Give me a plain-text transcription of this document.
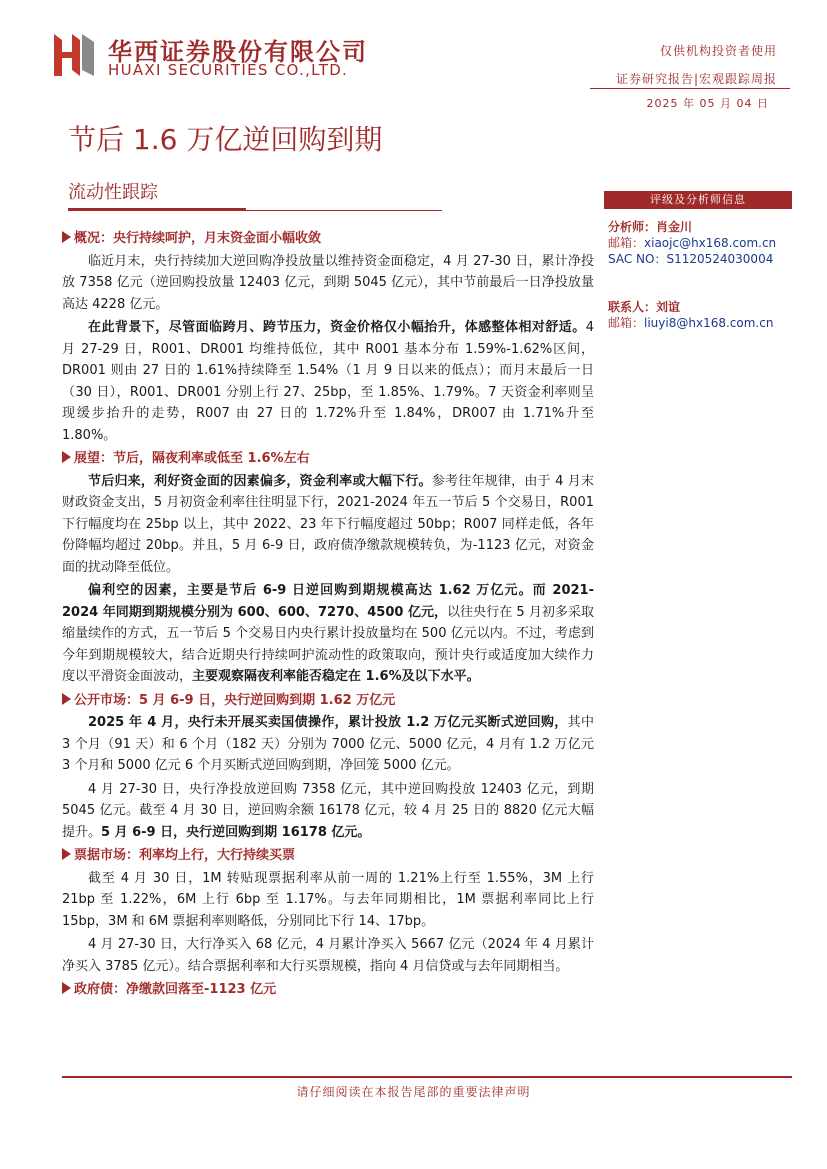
华西证券股份有限公司
HUAXI SECURITIES CO.,LTD.
仅供机构投资者使用
证券研究报告|宏观跟踪周报
2025 年 05 月 04 日
节后 1.6 万亿逆回购到期
流动性跟踪	评级及分析师信息
分析师：肖金川
邮箱：xiaojc@hx168.com.cn
SAC NO：S1120524030004
联系人：刘谊
邮箱：liuyi8@hx168.com.cn
概况：央行持续呵护，月末资金面小幅收敛

临近月末，央行持续加大逆回购净投放量以维持资金面稳定，4 月 27-30 日，累计净投放 7358 亿元（逆回购投放量 12403 亿元，到期 5045 亿元），其中节前最后一日净投放量高达 4228 亿元。

在此背景下，尽管面临跨月、跨节压力，资金价格仅小幅抬升，体感整体相对舒适。4 月 27-29 日，R001、DR001 均维持低位，其中 R001 基本分布 1.59%-1.62%区间，DR001 则由 27 日的 1.61%持续降至 1.54%（1 月 9 日以来的低点）；而月末最后一日（30 日），R001、DR001 分别上行 27、25bp，至 1.85%、1.79%。7 天资金利率则呈现缓步抬升的走势，R007 由 27 日的 1.72%升至 1.84%，DR007 由 1.71%升至 1.80%。

展望：节后，隔夜利率或低至 1.6%左右

节后归来，利好资金面的因素偏多，资金利率或大幅下行。参考往年规律，由于 4 月末财政资金支出，5 月初资金利率往往明显下行，2021-2024 年五一节后 5 个交易日，R001 下行幅度均在 25bp 以上，其中 2022、23 年下行幅度超过 50bp；R007 同样走低，各年份降幅均超过 20bp。并且，5 月 6-9 日，政府债净缴款规模转负，为-1123 亿元，对资金面的扰动降至低位。

偏利空的因素，主要是节后 6-9 日逆回购到期规模高达 1.62 万亿元。而 2021-2024 年同期到期规模分别为 600、600、7270、4500 亿元，以往央行在 5 月初多采取缩量续作的方式，五一节后 5 个交易日内央行累计投放量均在 500 亿元以内。不过，考虑到今年到期规模较大，结合近期央行持续呵护流动性的政策取向，预计央行或适度加大续作力度以平滑资金面波动，主要观察隔夜利率能否稳定在 1.6%及以下水平。

公开市场：5 月 6-9 日，央行逆回购到期 1.62 万亿元

2025 年 4 月，央行未开展买卖国债操作，累计投放 1.2 万亿元买断式逆回购，其中 3 个月（91 天）和 6 个月（182 天）分别为 7000 亿元、5000 亿元，4 月有 1.2 万亿元 3 个月和 5000 亿元 6 个月买断式逆回购到期，净回笼 5000 亿元。

4 月 27-30 日，央行净投放逆回购 7358 亿元，其中逆回购投放 12403 亿元，到期 5045 亿元。截至 4 月 30 日，逆回购余额 16178 亿元，较 4 月 25 日的 8820 亿元大幅提升。5 月 6-9 日，央行逆回购到期 16178 亿元。

票据市场：利率均上行，大行持续买票

截至 4 月 30 日，1M 转贴现票据利率从前一周的 1.21%上行至 1.55%，3M 上行 21bp 至 1.22%，6M 上行 6bp 至 1.17%。与去年同期相比，1M 票据利率同比上行 15bp，3M 和 6M 票据利率则略低，分别同比下行 14、17bp。

4 月 27-30 日，大行净买入 68 亿元，4 月累计净买入 5667 亿元（2024 年 4 月累计净买入 3785 亿元）。结合票据利率和大行买票规模，指向 4 月信贷或与去年同期相当。

政府债：净缴款回落至-1123 亿元
请仔细阅读在本报告尾部的重要法律声明
